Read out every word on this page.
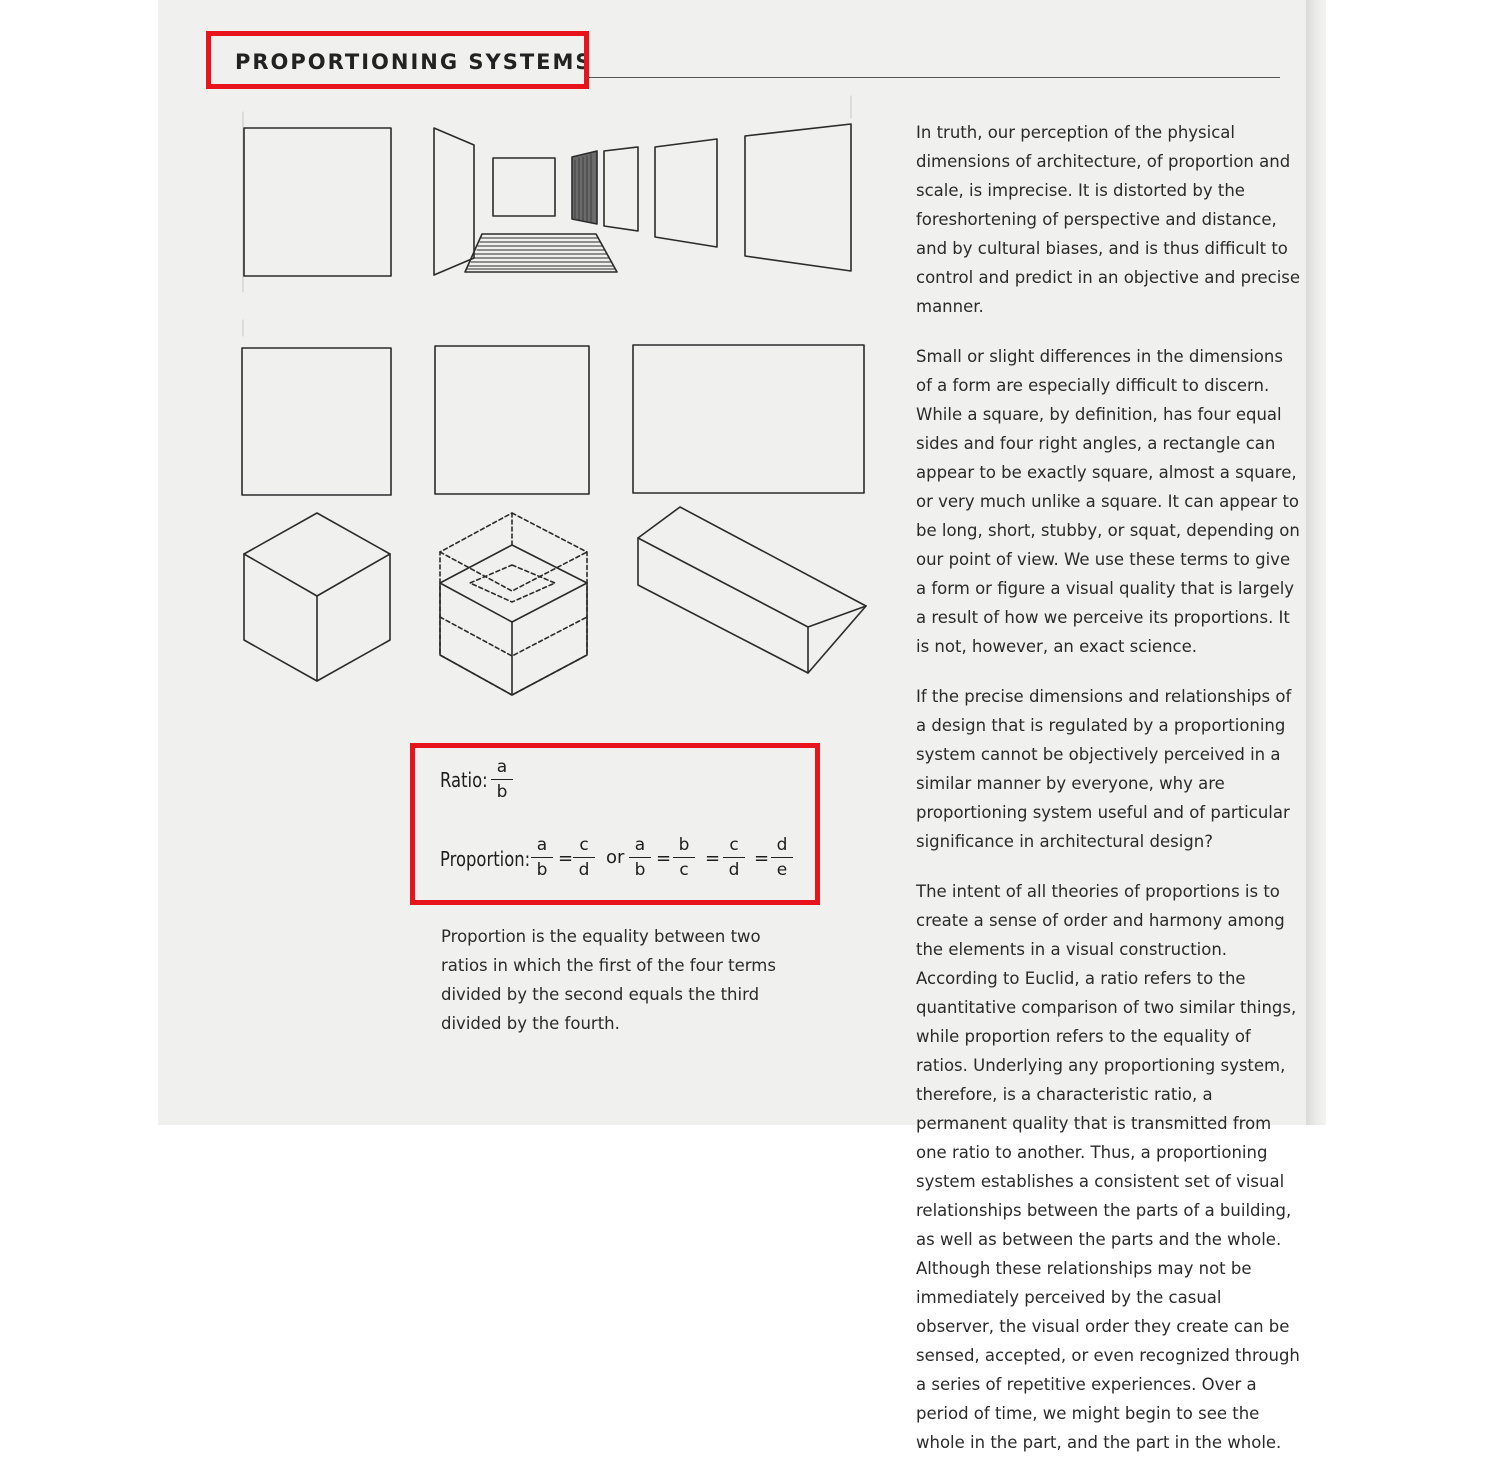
PROPORTIONING SYSTEMS
Ratio:
a
b
Proportion:
a
b
=
c
d
or
a
b
=
b
c
=
c
d
=
d
e
Proportion is the equality between two ratios in which the first of the four terms divided by the second equals the third divided by the fourth.

In truth, our perception of the physical dimensions of architecture, of proportion and scale, is imprecise. It is distorted by the foreshortening of perspective and distance, and by cultural biases, and is thus difficult to control and predict in an objective and precise manner.

Small or slight differences in the dimensions of a form are especially difficult to discern. While a square, by definition, has four equal sides and four right angles, a rectangle can appear to be exactly square, almost a square, or very much unlike a square. It can appear to be long, short, stubby, or squat, depending on our point of view. We use these terms to give a form or figure a visual quality that is largely a result of how we perceive its proportions. It is not, however, an exact science.

If the precise dimensions and relationships of a design that is regulated by a proportioning system cannot be objectively perceived in a similar manner by everyone, why are proportioning system useful and of particular significance in architectural design?

The intent of all theories of proportions is to create a sense of order and harmony among the elements in a visual construction. According to Euclid, a ratio refers to the quantitative comparison of two similar things, while proportion refers to the equality of ratios. Underlying any proportioning system, therefore, is a characteristic ratio, a permanent quality that is transmitted from one ratio to another. Thus, a proportioning system establishes a consistent set of visual relationships between the parts of a building, as well as between the parts and the whole. Although these relationships may not be immediately perceived by the casual observer, the visual order they create can be sensed, accepted, or even recognized through a series of repetitive experiences. Over a period of time, we might begin to see the whole in the part, and the part in the whole.
